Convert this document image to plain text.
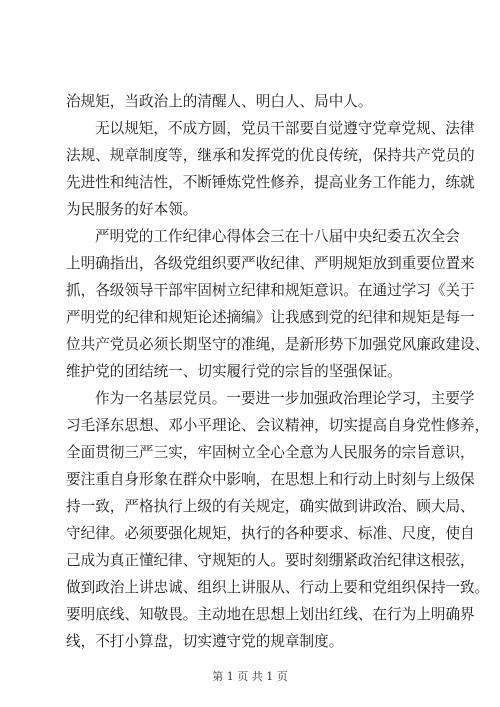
治规矩，当政治上的清醒人、明白人、局中人。
无以规矩，不成方圆，党员干部要自觉遵守党章党规、法律
法规、规章制度等，继承和发挥党的优良传统，保持共产党员的
先进性和纯洁性，不断锤炼党性修养，提高业务工作能力，练就
为民服务的好本领。
严明党的工作纪律心得体会三在十八届中央纪委五次全会
上明确指出，各级党组织要严收纪律、严明规矩放到重要位置来
抓，各级领导干部牢固树立纪律和规矩意识。在通过学习《关于
严明党的纪律和规矩论述摘编》让我感到党的纪律和规矩是每一
位共产党员必须长期坚守的准绳，是新形势下加强党风廉政建设、
维护党的团结统一、切实履行党的宗旨的坚强保证。
作为一名基层党员。一要进一步加强政治理论学习，主要学
习毛泽东思想、邓小平理论、会议精神，切实提高自身党性修养，
全面贯彻三严三实，牢固树立全心全意为人民服务的宗旨意识，
要注重自身形象在群众中影响，在思想上和行动上时刻与上级保
持一致，严格执行上级的有关规定，确实做到讲政治、顾大局、
守纪律。必须要强化规矩，执行的各种要求、标准、尺度，使自
己成为真正懂纪律、守规矩的人。要时刻绷紧政治纪律这根弦，
做到政治上讲忠诚、组织上讲服从、行动上要和党组织保持一致。
要明底线、知敬畏。主动地在思想上划出红线、在行为上明确界
线，不打小算盘，切实遵守党的规章制度。
第 1 页 共 1 页
